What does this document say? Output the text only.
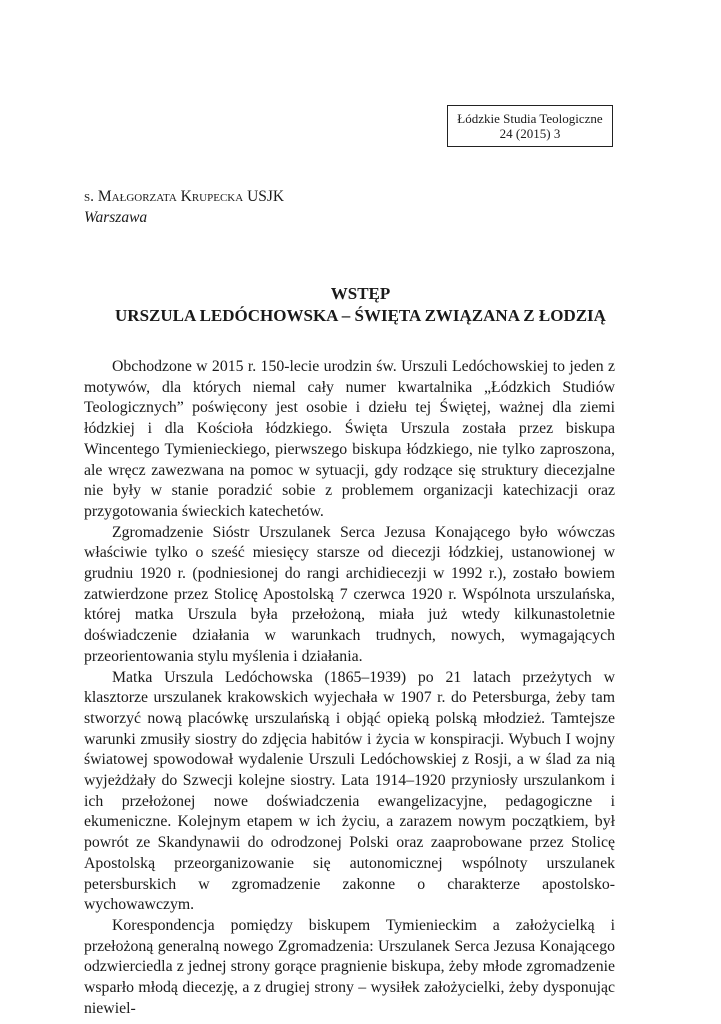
Łódzkie Studia Teologiczne
24 (2015) 3
s. Małgorzata Krupecka USJK
Warszawa
WSTĘP
URSZULA LEDÓCHOWSKA – ŚWIĘTA ZWIĄZANA Z ŁODZIĄ

Obchodzone w 2015 r. 150-lecie urodzin św. Urszuli Ledóchowskiej to jeden z motywów, dla których niemal cały numer kwartalnika „Łódzkich Studiów Teologicznych” poświęcony jest osobie i dziełu tej Świętej, ważnej dla ziemi łódzkiej i dla Kościoła łódzkiego. Święta Urszula została przez biskupa Wincentego Tymienieckiego, pierwszego biskupa łódzkiego, nie tylko zaproszona, ale wręcz zawezwana na pomoc w sytuacji, gdy rodzące się struktury diecezjalne nie były w stanie poradzić sobie z problemem organizacji katechizacji oraz przygotowania świeckich katechetów.

Zgromadzenie Sióstr Urszulanek Serca Jezusa Konającego było wówczas właściwie tylko o sześć miesięcy starsze od diecezji łódzkiej, ustanowionej w grudniu 1920 r. (podniesionej do rangi archidiecezji w 1992 r.), zostało bowiem zatwierdzone przez Stolicę Apostolską 7 czerwca 1920 r. Wspólnota urszulańska, której matka Urszula była przełożoną, miała już wtedy kilkunastoletnie doświadczenie działania w warunkach trudnych, nowych, wymagających przeorientowania stylu myślenia i działania.

Matka Urszula Ledóchowska (1865–1939) po 21 latach przeżytych w klasztorze urszulanek krakowskich wyjechała w 1907 r. do Petersburga, żeby tam stworzyć nową placówkę urszulańską i objąć opieką polską młodzież. Tamtejsze warunki zmusiły siostry do zdjęcia habitów i życia w konspiracji. Wybuch I wojny światowej spowodował wydalenie Urszuli Ledóchowskiej z Rosji, a w ślad za nią wyjeżdżały do Szwecji kolejne siostry. Lata 1914–1920 przyniosły urszulankom i ich przełożonej nowe doświadczenia ewangelizacyjne, pedagogiczne i ekumeniczne. Kolejnym etapem w ich życiu, a zarazem nowym początkiem, był powrót ze Skandynawii do odrodzonej Polski oraz zaaprobowane przez Stolicę Apostolską przeorganizowanie się autonomicznej wspólnoty urszulanek petersburskich w zgromadzenie zakonne o charakterze apostolsko-wychowawczym.

Korespondencja pomiędzy biskupem Tymienieckim a założycielką i przełożoną generalną nowego Zgromadzenia: Urszulanek Serca Jezusa Konającego odzwierciedla z jednej strony gorące pragnienie biskupa, żeby młode zgromadzenie wsparło młodą diecezję, a z drugiej strony – wysiłek założycielki, żeby dysponując niewiel-
